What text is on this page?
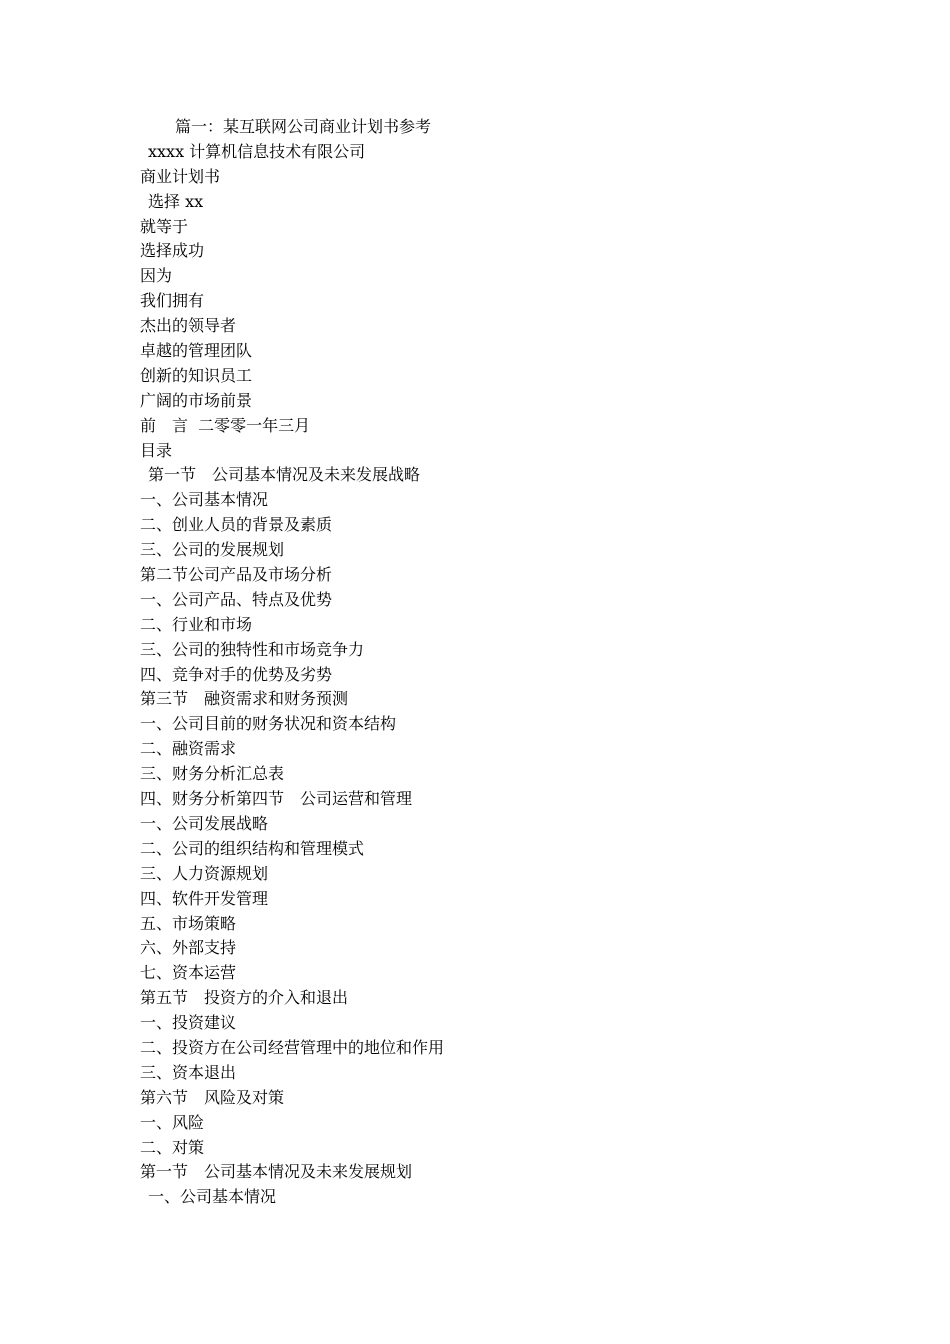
篇一：某互联网公司商业计划书参考
xxxx 计算机信息技术有限公司
商业计划书
选择 xx
就等于
选择成功
因为
我们拥有
杰出的领导者
卓越的管理团队
创新的知识员工
广阔的市场前景
前　言  二零零一年三月
目录
第一节　公司基本情况及未来发展战略
一、公司基本情况
二、创业人员的背景及素质
三、公司的发展规划
第二节公司产品及市场分析
一、公司产品、特点及优势
二、行业和市场
三、公司的独特性和市场竞争力
四、竞争对手的优势及劣势
第三节　融资需求和财务预测
一、公司目前的财务状况和资本结构
二、融资需求
三、财务分析汇总表
四、财务分析第四节　公司运营和管理
一、公司发展战略
二、公司的组织结构和管理模式
三、人力资源规划
四、软件开发管理
五、市场策略
六、外部支持
七、资本运营
第五节　投资方的介入和退出
一、投资建议
二、投资方在公司经营管理中的地位和作用
三、资本退出
第六节　风险及对策
一、风险
二、对策
第一节　公司基本情况及未来发展规划
一、公司基本情况
